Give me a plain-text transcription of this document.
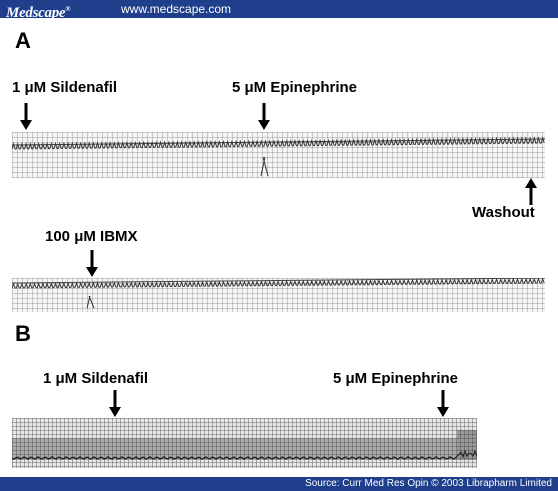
Medscape®	www.medscape.com
A
1 μM Sildenafil	5 μM Epinephrine
Washout
100 μM IBMX
B
1 μM Sildenafil	5 μM Epinephrine
Source: Curr Med Res Opin © 2003 Librapharm Limited
